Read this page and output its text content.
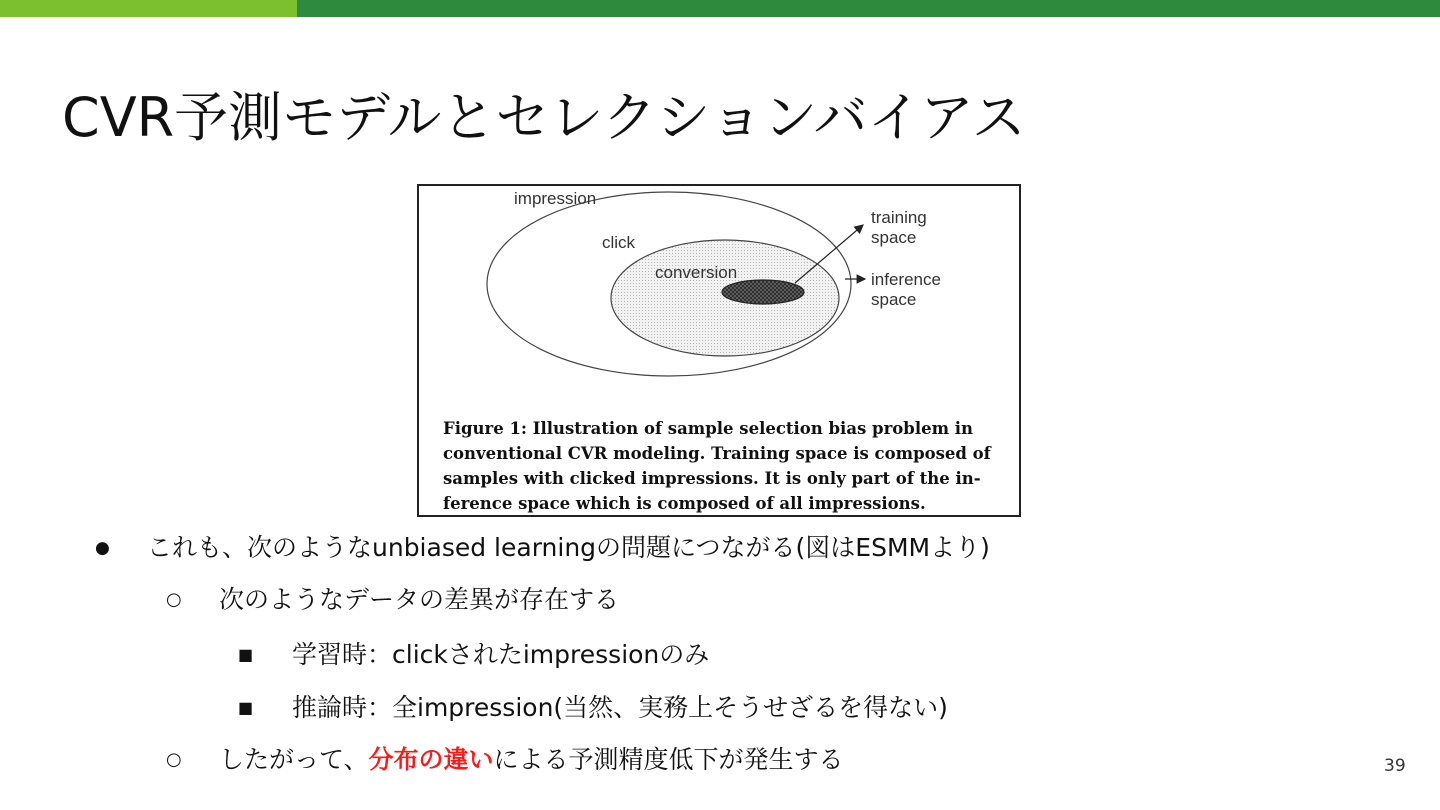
CVR予測モデルとセレクションバイアス
impression
click
conversion
training
space
inference
space
Figure 1: Illustration of sample selection bias problem in conventional CVR modeling. Training space is composed of samples with clicked impressions. It is only part of the in-ference space which is composed of all impressions.
● これも、次のようなunbiased learningの問題につながる(図はESMMより)
○ 次のようなデータの差異が存在する
■ 学習時：clickされたimpressionのみ
■ 推論時：全impression(当然、実務上そうせざるを得ない)
○ したがって、分布の違いによる予測精度低下が発生する	39
